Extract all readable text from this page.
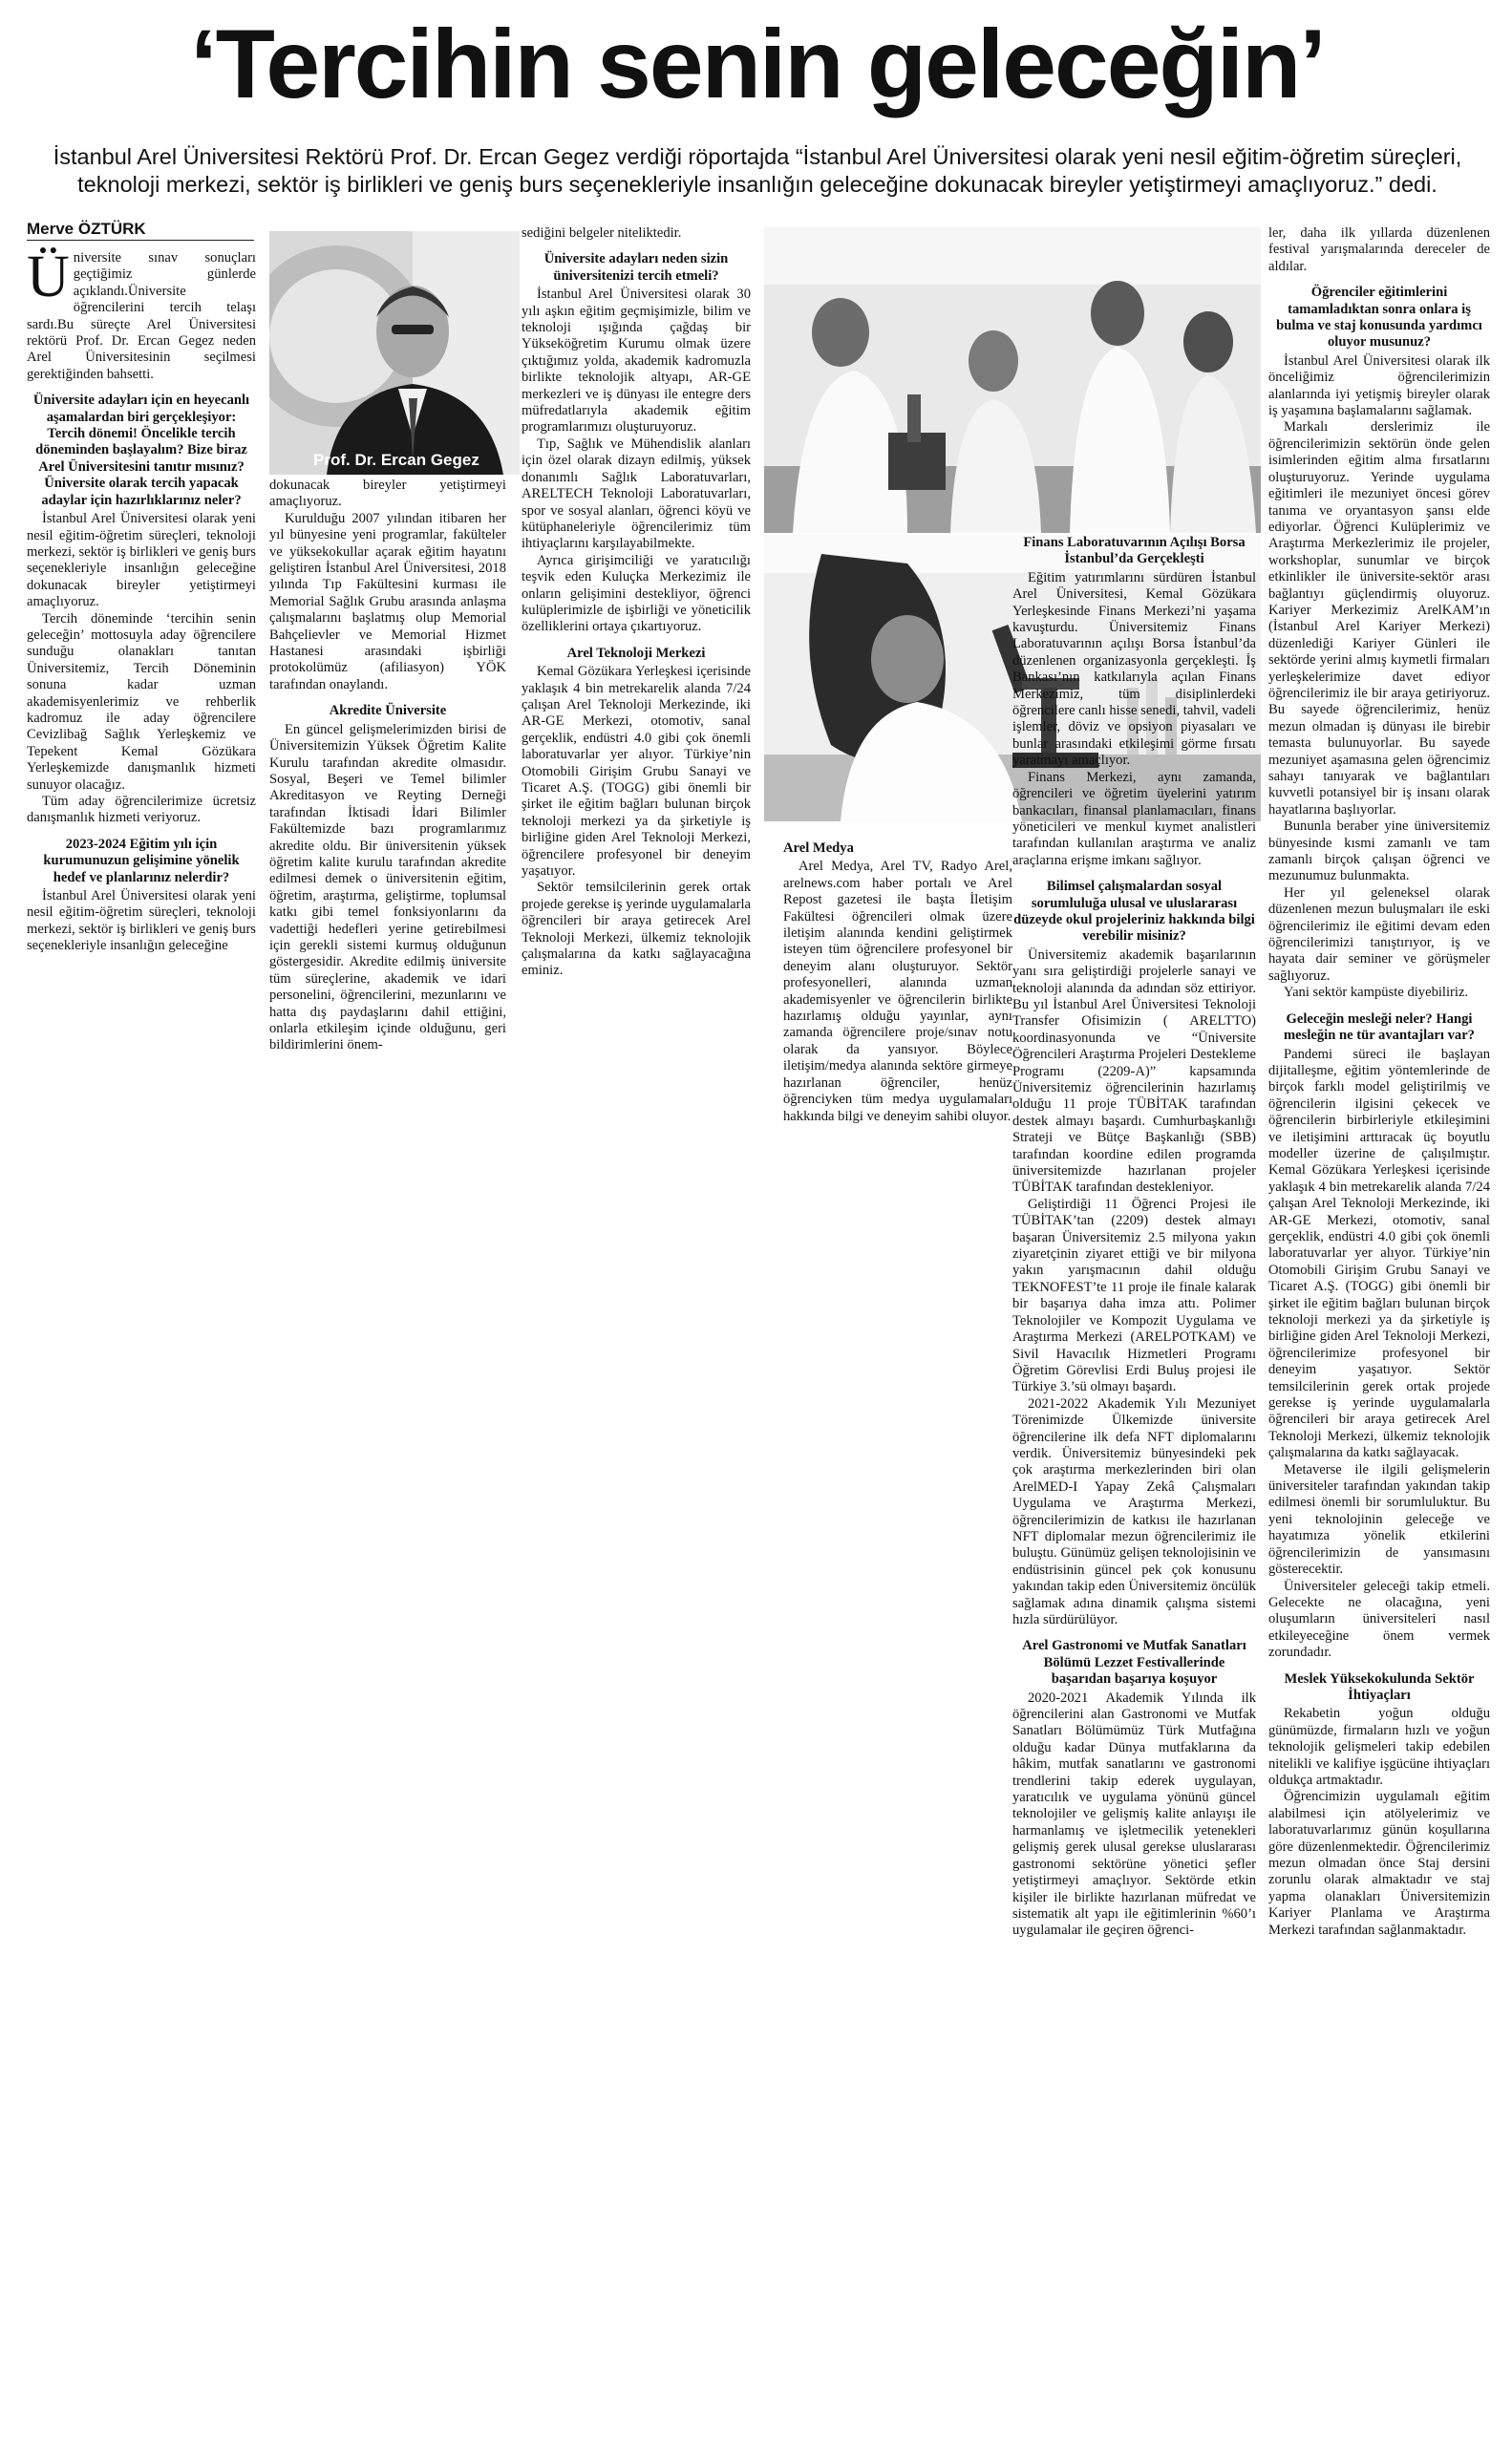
‘Tercihin senin geleceğin’
İstanbul Arel Üniversitesi Rektörü Prof. Dr. Ercan Gegez verdiği röportajda “İstanbul Arel Üniversitesi olarak yeni nesil eğitim-öğretim süreçleri, teknoloji merkezi, sektör iş birlikleri ve geniş burs seçenekleriyle insanlığın geleceğine dokunacak bireyler yetiştirmeyi amaçlıyoruz.” dedi.
Merve ÖZTÜRK

Üniversite sınav sonuçları geçtiğimiz günlerde açıklandı.Üniversite öğrencilerini tercih telaşı sardı.Bu süreçte Arel Üniversitesi rektörü Prof. Dr. Ercan Gegez neden Arel Üniversitesinin seçilmesi gerektiğinden bahsetti.

Üniversite adayları için en heyecanlı aşamalardan biri gerçekleşiyor: Tercih dönemi! Öncelikle tercih döneminden başlayalım? Bize biraz Arel Üniversitesini tanıtır mısınız? Üniversite olarak tercih yapacak adaylar için hazırlıklarınız neler?

İstanbul Arel Üniversitesi olarak yeni nesil eğitim-öğretim süreçleri, teknoloji merkezi, sektör iş birlikleri ve geniş burs seçenekleriyle insanlığın geleceğine dokunacak bireyler yetiştirmeyi amaçlıyoruz.

Tercih döneminde ‘tercihin senin geleceğin’ mottosuyla aday öğrencilere sunduğu olanakları tanıtan Üniversitemiz, Tercih Döneminin sonuna kadar uzman akademisyenlerimiz ve rehberlik kadromuz ile aday öğrencilere Cevizlibağ Sağlık Yerleşkemiz ve Tepekent Kemal Gözükara Yerleşkemizde danışmanlık hizmeti sunuyor olacağız.

Tüm aday öğrencilerimize ücretsiz danışmanlık hizmeti veriyoruz.

2023-2024 Eğitim yılı için kurumunuzun gelişimine yönelik hedef ve planlarınız nelerdir?

İstanbul Arel Üniversitesi olarak yeni nesil eğitim-öğretim süreçleri, teknoloji merkezi, sektör iş birlikleri ve geniş burs seçenekleriyle insanlığın geleceğine

Prof. Dr. Ercan Gegez

dokunacak bireyler yetiştirmeyi amaçlıyoruz.

Kurulduğu 2007 yılından itibaren her yıl bünyesine yeni programlar, fakülteler ve yüksekokullar açarak eğitim hayatını geliştiren İstanbul Arel Üniversitesi, 2018 yılında Tıp Fakültesini kurması ile Memorial Sağlık Grubu arasında anlaşma çalışmalarını başlatmış olup Memorial Bahçelievler ve Memorial Hizmet Hastanesi arasındaki işbirliği protokolümüz (afiliasyon) YÖK tarafından onaylandı.

Akredite Üniversite

En güncel gelişmelerimizden birisi de Üniversitemizin Yüksek Öğretim Kalite Kurulu tarafından akredite olmasıdır. Sosyal, Beşeri ve Temel bilimler Akreditasyon ve Reyting Derneği tarafından İktisadi İdari Bilimler Fakültemizde bazı programlarımız akredite oldu. Bir üniversitenin yüksek öğretim kalite kurulu tarafından akredite edilmesi demek o üniversitenin eğitim, öğretim, araştırma, geliştirme, toplumsal katkı gibi temel fonksiyonlarını da vadettiği hedefleri yerine getirebilmesi için gerekli sistemi kurmuş olduğunun göstergesidir. Akredite edilmiş üniversite tüm süreçlerine, akademik ve idari personelini, öğrencilerini, mezunlarını ve hatta dış paydaşlarını dahil ettiğini, onlarla etkileşim içinde olduğunu, geri bildirimlerini önem-

sediğini belgeler niteliktedir.

Üniversite adayları neden sizin üniversitenizi tercih etmeli?

İstanbul Arel Üniversitesi olarak 30 yılı aşkın eğitim geçmişimizle, bilim ve teknoloji ışığında çağdaş bir Yükseköğretim Kurumu olmak üzere çıktığımız yolda, akademik kadromuzla birlikte teknolojik altyapı, AR-GE merkezleri ve iş dünyası ile entegre ders müfredatlarıyla akademik eğitim programlarımızı oluşturuyoruz.

Tıp, Sağlık ve Mühendislik alanları için özel olarak dizayn edilmiş, yüksek donanımlı Sağlık Laboratuvarları, ARELTECH Teknoloji Laboratuvarları, spor ve sosyal alanları, öğrenci köyü ve kütüphaneleriyle öğrencilerimiz tüm ihtiyaçlarını karşılayabilmekte.

Ayrıca girişimciliği ve yaratıcılığı teşvik eden Kuluçka Merkezimiz ile onların gelişimini destekliyor, öğrenci kulüplerimizle de işbirliği ve yöneticilik özelliklerini ortaya çıkartıyoruz.

Arel Teknoloji Merkezi

Kemal Gözükara Yerleşkesi içerisinde yaklaşık 4 bin metrekarelik alanda 7/24 çalışan Arel Teknoloji Merkezinde, iki AR-GE Merkezi, otomotiv, sanal gerçeklik, endüstri 4.0 gibi çok önemli laboratuvarlar yer alıyor. Türkiye’nin Otomobili Girişim Grubu Sanayi ve Ticaret A.Ş. (TOGG) gibi önemli bir şirket ile eğitim bağları bulunan birçok teknoloji merkezi ya da şirketiyle iş birliğine giden Arel Teknoloji Merkezi, öğrencilere profesyonel bir deneyim yaşatıyor.

Sektör temsilcilerinin gerek ortak projede gerekse iş yerinde uygulamalarla öğrencileri bir araya getirecek Arel Teknoloji Merkezi, ülkemiz teknolojik çalışmalarına da katkı sağlayacağına eminiz.

Arel Medya

Arel Medya, Arel TV, Radyo Arel, arelnews.com haber portalı ve Arel Repost gazetesi ile başta İletişim Fakültesi öğrencileri olmak üzere iletişim alanında kendini geliştirmek isteyen tüm öğrencilere profesyonel bir deneyim alanı oluşturuyor. Sektör profesyonelleri, alanında uzman akademisyenler ve öğrencilerin birlikte hazırlamış olduğu yayınlar, aynı zamanda öğrencilere proje/sınav notu olarak da yansıyor. Böylece iletişim/medya alanında sektöre girmeye hazırlanan öğrenciler, henüz öğrenciyken tüm medya uygulamaları hakkında bilgi ve deneyim sahibi oluyor.

Finans Laboratuvarının Açılışı Borsa İstanbul’da Gerçekleşti

Eğitim yatırımlarını sürdüren İstanbul Arel Üniversitesi, Kemal Gözükara Yerleşkesinde Finans Merkezi’ni yaşama kavuşturdu. Üniversitemiz Finans Laboratuvarının açılışı Borsa İstanbul’da düzenlenen organizasyonla gerçekleşti. İş Bankası’nın katkılarıyla açılan Finans Merkezimiz, tüm disiplinlerdeki öğrencilere canlı hisse senedi, tahvil, vadeli işlemler, döviz ve opsiyon piyasaları ve bunlar arasındaki etkileşimi görme fırsatı yaratmayı amaçlıyor.

Finans Merkezi, aynı zamanda, öğrencileri ve öğretim üyelerini yatırım bankacıları, finansal planlamacıları, finans yöneticileri ve menkul kıymet analistleri tarafından kullanılan araştırma ve analiz araçlarına erişme imkanı sağlıyor.

Bilimsel çalışmalardan sosyal sorumluluğa ulusal ve uluslararası düzeyde okul projeleriniz hakkında bilgi verebilir misiniz?

Üniversitemiz akademik başarılarının yanı sıra geliştirdiği projelerle sanayi ve teknoloji alanında da adından söz ettiriyor. Bu yıl İstanbul Arel Üniversitesi Teknoloji Transfer Ofisimizin ( ARELTTO) koordinasyonunda ve “Üniversite Öğrencileri Araştırma Projeleri Destekleme Programı (2209-A)” kapsamında Üniversitemiz öğrencilerinin hazırlamış olduğu 11 proje TÜBİTAK tarafından destek almayı başardı. Cumhurbaşkanlığı Strateji ve Bütçe Başkanlığı (SBB) tarafından koordine edilen programda üniversitemizde hazırlanan projeler TÜBİTAK tarafından destekleniyor.

Geliştirdiği 11 Öğrenci Projesi ile TÜBİTAK’tan (2209) destek almayı başaran Üniversitemiz 2.5 milyona yakın ziyaretçinin ziyaret ettiği ve bir milyona yakın yarışmacının dahil olduğu TEKNOFEST’te 11 proje ile finale kalarak bir başarıya daha imza attı. Polimer Teknolojiler ve Kompozit Uygulama ve Araştırma Merkezi (ARELPOTKAM) ve Sivil Havacılık Hizmetleri Programı Öğretim Görevlisi Erdi Buluş projesi ile Türkiye 3.’sü olmayı başardı.

2021-2022 Akademik Yılı Mezuniyet Törenimizde Ülkemizde üniversite öğrencilerine ilk defa NFT diplomalarını verdik. Üniversitemiz bünyesindeki pek çok araştırma merkezlerinden biri olan ArelMED-I Yapay Zekâ Çalışmaları Uygulama ve Araştırma Merkezi, öğrencilerimizin de katkısı ile hazırlanan NFT diplomalar mezun öğrencilerimiz ile buluştu. Günümüz gelişen teknolojisinin ve endüstrisinin güncel pek çok konusunu yakından takip eden Üniversitemiz öncülük sağlamak adına dinamik çalışma sistemi hızla sürdürülüyor.

Arel Gastronomi ve Mutfak Sanatları Bölümü Lezzet Festivallerinde başarıdan başarıya koşuyor

2020-2021 Akademik Yılında ilk öğrencilerini alan Gastronomi ve Mutfak Sanatları Bölümümüz Türk Mutfağına olduğu kadar Dünya mutfaklarına da hâkim, mutfak sanatlarını ve gastronomi trendlerini takip ederek uygulayan, yaratıcılık ve uygulama yönünü güncel teknolojiler ve gelişmiş kalite anlayışı ile harmanlamış ve işletmecilik yetenekleri gelişmiş gerek ulusal gerekse uluslararası gastronomi sektörüne yönetici şefler yetiştirmeyi amaçlıyor. Sektörde etkin kişiler ile birlikte hazırlanan müfredat ve sistematik alt yapı ile eğitimlerinin %60’ı uygulamalar ile geçiren öğrenci-

ler, daha ilk yıllarda düzenlenen festival yarışmalarında dereceler de aldılar.

Öğrenciler eğitimlerini tamamladıktan sonra onlara iş bulma ve staj konusunda yardımcı oluyor musunuz?

İstanbul Arel Üniversitesi olarak ilk önceliğimiz öğrencilerimizin alanlarında iyi yetişmiş bireyler olarak iş yaşamına başlamalarını sağlamak.

Markalı derslerimiz ile öğrencilerimizin sektörün önde gelen isimlerinden eğitim alma fırsatlarını oluşturuyoruz. Yerinde uygulama eğitimleri ile mezuniyet öncesi görev tanıma ve oryantasyon şansı elde ediyorlar. Öğrenci Kulüplerimiz ve Araştırma Merkezlerimiz ile projeler, workshoplar, sunumlar ve birçok etkinlikler ile üniversite-sektör arası bağlantıyı güçlendirmiş oluyoruz. Kariyer Merkezimiz ArelKAM’ın (İstanbul Arel Kariyer Merkezi) düzenlediği Kariyer Günleri ile sektörde yerini almış kıymetli firmaları yerleşkelerimize davet ediyor öğrencilerimiz ile bir araya getiriyoruz. Bu sayede öğrencilerimiz, henüz mezun olmadan iş dünyası ile birebir temasta bulunuyorlar. Bu sayede mezuniyet aşamasına gelen öğrencimiz sahayı tanıyarak ve bağlantıları kuvvetli potansiyel bir iş insanı olarak hayatlarına başlıyorlar.

Bununla beraber yine üniversitemiz bünyesinde kısmi zamanlı ve tam zamanlı birçok çalışan öğrenci ve mezunumuz bulunmakta.

Her yıl geleneksel olarak düzenlenen mezun buluşmaları ile eski öğrencilerimiz ile eğitimi devam eden öğrencilerimizi tanıştırıyor, iş ve hayata dair seminer ve görüşmeler sağlıyoruz.

Yani sektör kampüste diyebiliriz.

Geleceğin mesleği neler? Hangi mesleğin ne tür avantajları var?

Pandemi süreci ile başlayan dijitalleşme, eğitim yöntemlerinde de birçok farklı model geliştirilmiş ve öğrencilerin ilgisini çekecek ve öğrencilerin birbirleriyle etkileşimini ve iletişimini arttıracak üç boyutlu modeller üzerine de çalışılmıştır. Kemal Gözükara Yerleşkesi içerisinde yaklaşık 4 bin metrekarelik alanda 7/24 çalışan Arel Teknoloji Merkezinde, iki AR-GE Merkezi, otomotiv, sanal gerçeklik, endüstri 4.0 gibi çok önemli laboratuvarlar yer alıyor. Türkiye’nin Otomobili Girişim Grubu Sanayi ve Ticaret A.Ş. (TOGG) gibi önemli bir şirket ile eğitim bağları bulunan birçok teknoloji merkezi ya da şirketiyle iş birliğine giden Arel Teknoloji Merkezi, öğrencilerimize profesyonel bir deneyim yaşatıyor. Sektör temsilcilerinin gerek ortak projede gerekse iş yerinde uygulamalarla öğrencileri bir araya getirecek Arel Teknoloji Merkezi, ülkemiz teknolojik çalışmalarına da katkı sağlayacak.

Metaverse ile ilgili gelişmelerin üniversiteler tarafından yakından takip edilmesi önemli bir sorumluluktur. Bu yeni teknolojinin geleceğe ve hayatımıza yönelik etkilerini öğrencilerimizin de yansımasını gösterecektir.

Üniversiteler geleceği takip etmeli. Gelecekte ne olacağına, yeni oluşumların üniversiteleri nasıl etkileyeceğine önem vermek zorundadır.

Meslek Yüksekokulunda Sektör İhtiyaçları

Rekabetin yoğun olduğu günümüzde, firmaların hızlı ve yoğun teknolojik gelişmeleri takip edebilen nitelikli ve kalifiye işgücüne ihtiyaçları oldukça artmaktadır.

Öğrencimizin uygulamalı eğitim alabilmesi için atölyelerimiz ve laboratuvarlarımız günün koşullarına göre düzenlenmektedir. Öğrencilerimiz mezun olmadan önce Staj dersini zorunlu olarak almaktadır ve staj yapma olanakları Üniversitemizin Kariyer Planlama ve Araştırma Merkezi tarafından sağlanmaktadır.
